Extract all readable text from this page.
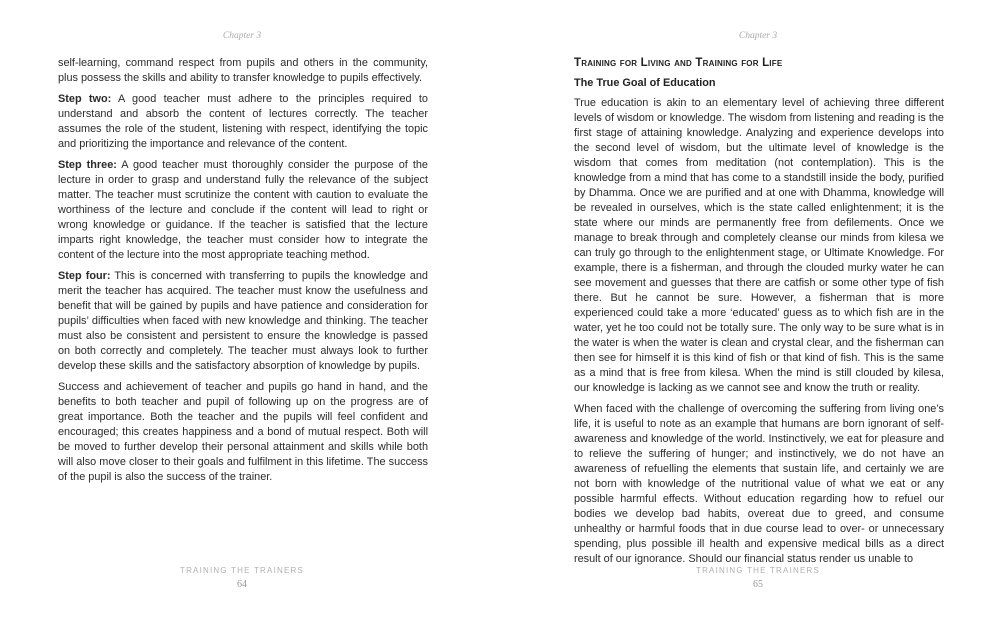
Chapter 3

self-learning, command respect from pupils and others in the community, plus possess the skills and ability to transfer knowledge to pupils effectively.

Step two: A good teacher must adhere to the principles required to understand and absorb the content of lectures correctly. The teacher assumes the role of the student, listening with respect, identifying the topic and prioritizing the importance and relevance of the content.

Step three: A good teacher must thoroughly consider the purpose of the lecture in order to grasp and understand fully the relevance of the subject matter. The teacher must scrutinize the content with caution to evaluate the worthiness of the lecture and conclude if the content will lead to right or wrong knowledge or guidance. If the teacher is satisfied that the lecture imparts right knowledge, the teacher must consider how to integrate the content of the lecture into the most appropriate teaching method.

Step four: This is concerned with transferring to pupils the knowledge and merit the teacher has acquired. The teacher must know the usefulness and benefit that will be gained by pupils and have patience and consideration for pupils’ difficulties when faced with new knowledge and thinking. The teacher must also be consistent and persistent to ensure the knowledge is passed on both correctly and completely. The teacher must always look to further develop these skills and the satisfactory absorption of knowledge by pupils.

Success and achievement of teacher and pupils go hand in hand, and the benefits to both teacher and pupil of following up on the progress are of great importance. Both the teacher and the pupils will feel confident and encouraged; this creates happiness and a bond of mutual respect. Both will be moved to further develop their personal attainment and skills while both will also move closer to their goals and fulfilment in this lifetime. The success of the pupil is also the success of the trainer.

TRAINING THE TRAINERS
64
Chapter 3
Training for Living and Training for Life
The True Goal of Education

True education is akin to an elementary level of achieving three different levels of wisdom or knowledge. The wisdom from listening and reading is the first stage of attaining knowledge. Analyzing and experience develops into the second level of wisdom, but the ultimate level of knowledge is the wisdom that comes from meditation (not contemplation). This is the knowledge from a mind that has come to a standstill inside the body, purified by Dhamma. Once we are purified and at one with Dhamma, knowledge will be revealed in ourselves, which is the state called enlightenment; it is the state where our minds are permanently free from defilements. Once we manage to break through and completely cleanse our minds from kilesa we can truly go through to the enlightenment stage, or Ultimate Knowledge. For example, there is a fisherman, and through the clouded murky water he can see movement and guesses that there are catfish or some other type of fish there. But he cannot be sure. However, a fisherman that is more experienced could take a more ‘educated’ guess as to which fish are in the water, yet he too could not be totally sure. The only way to be sure what is in the water is when the water is clean and crystal clear, and the fisherman can then see for himself it is this kind of fish or that kind of fish. This is the same as a mind that is free from kilesa. When the mind is still clouded by kilesa, our knowledge is lacking as we cannot see and know the truth or reality.

When faced with the challenge of overcoming the suffering from living one’s life, it is useful to note as an example that humans are born ignorant of self-awareness and knowledge of the world. Instinctively, we eat for pleasure and to relieve the suffering of hunger; and instinctively, we do not have an awareness of refuelling the elements that sustain life, and certainly we are not born with knowledge of the nutritional value of what we eat or any possible harmful effects. Without education regarding how to refuel our bodies we develop bad habits, overeat due to greed, and consume unhealthy or harmful foods that in due course lead to over- or unnecessary spending, plus possible ill health and expensive medical bills as a direct result of our ignorance. Should our financial status render us unable to

TRAINING THE TRAINERS
65
